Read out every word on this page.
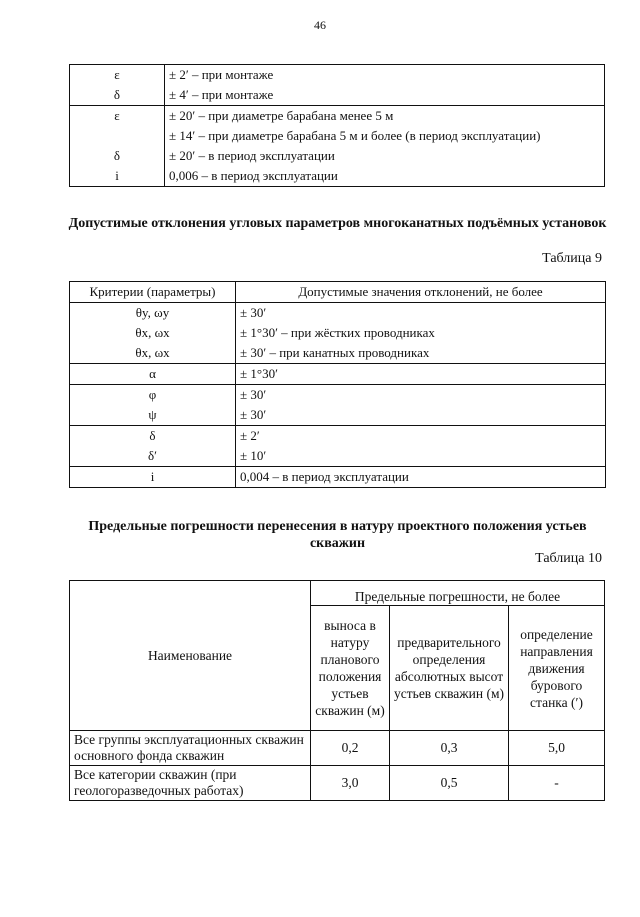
46
ε	± 2′ – при монтаже
δ	± 4′ – при монтаже
ε	± 20′ – при диаметре барабана менее 5 м
	± 14′ – при диаметре барабана 5 м и более (в период эксплуатации)
δ	± 20′ – в период эксплуатации
i	0,006 – в период эксплуатации
Допустимые отклонения угловых параметров многоканатных подъёмных установок
Таблица 9
Критерии (параметры)	Допустимые значения отклонений, не более
θy, ωy	± 30′
θx, ωx	± 1°30′ – при жёстких проводниках
θx, ωx	± 30′ – при канатных проводниках
α	± 1°30′
φ	± 30′
ψ	± 30′
δ	± 2′
δ′	± 10′
i	0,004 – в период эксплуатации
Предельные погрешности перенесения в натуру проектного положения устьев скважин
Таблица 10
Наименование	Предельные погрешности, не более		
	выноса в натуру планового положения устьев скважин (м)	предварительного определения абсолютных высот устьев скважин (м)	определение направления движения бурового станка (′)
Все группы эксплуатационных скважин основного фонда скважин	0,2	0,3	5,0
Все категории скважин (при геологоразведочных работах)	3,0	0,5	-
